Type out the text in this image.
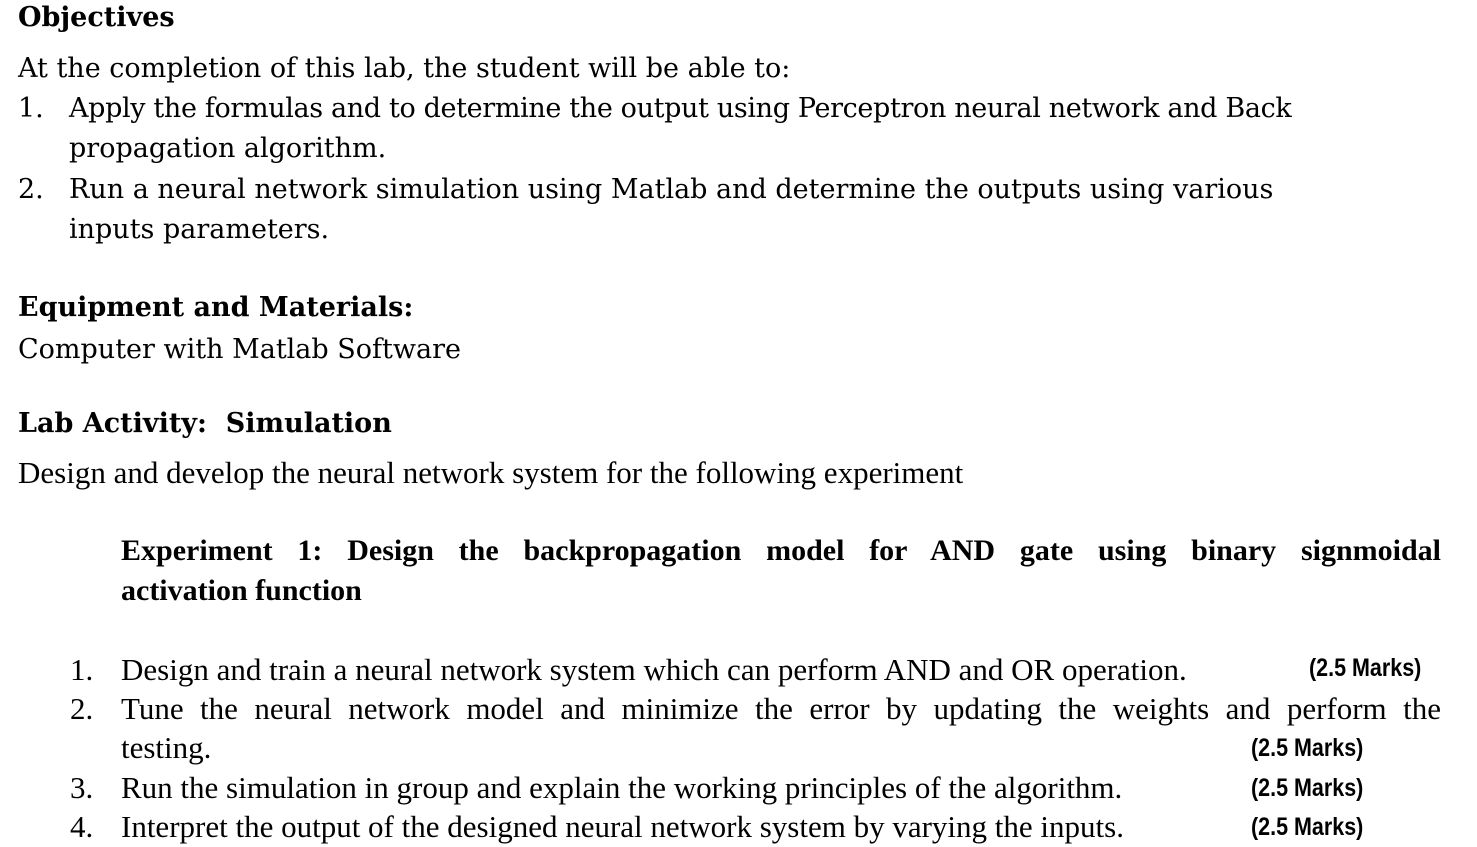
Objectives
At the completion of this lab, the student will be able to:
1. Apply the formulas and to determine the output using Perceptron neural network and Back
propagation algorithm.
2. Run a neural network simulation using Matlab and determine the outputs using various
inputs parameters.
Equipment and Materials:
Computer with Matlab Software
Lab Activity:  Simulation
Design and develop the neural network system for the following experiment
Experiment 1: Design the backpropagation model for AND gate using binary signmoidal
activation function
1. Design and train a neural network system which can perform AND and OR operation.	(2.5 Marks)
2. Tune the neural network model and minimize the error by updating the weights and perform the
testing.	(2.5 Marks)
3. Run the simulation in group and explain the working principles of the algorithm.	(2.5 Marks)
4. Interpret the output of the designed neural network system by varying the inputs.	(2.5 Marks)
